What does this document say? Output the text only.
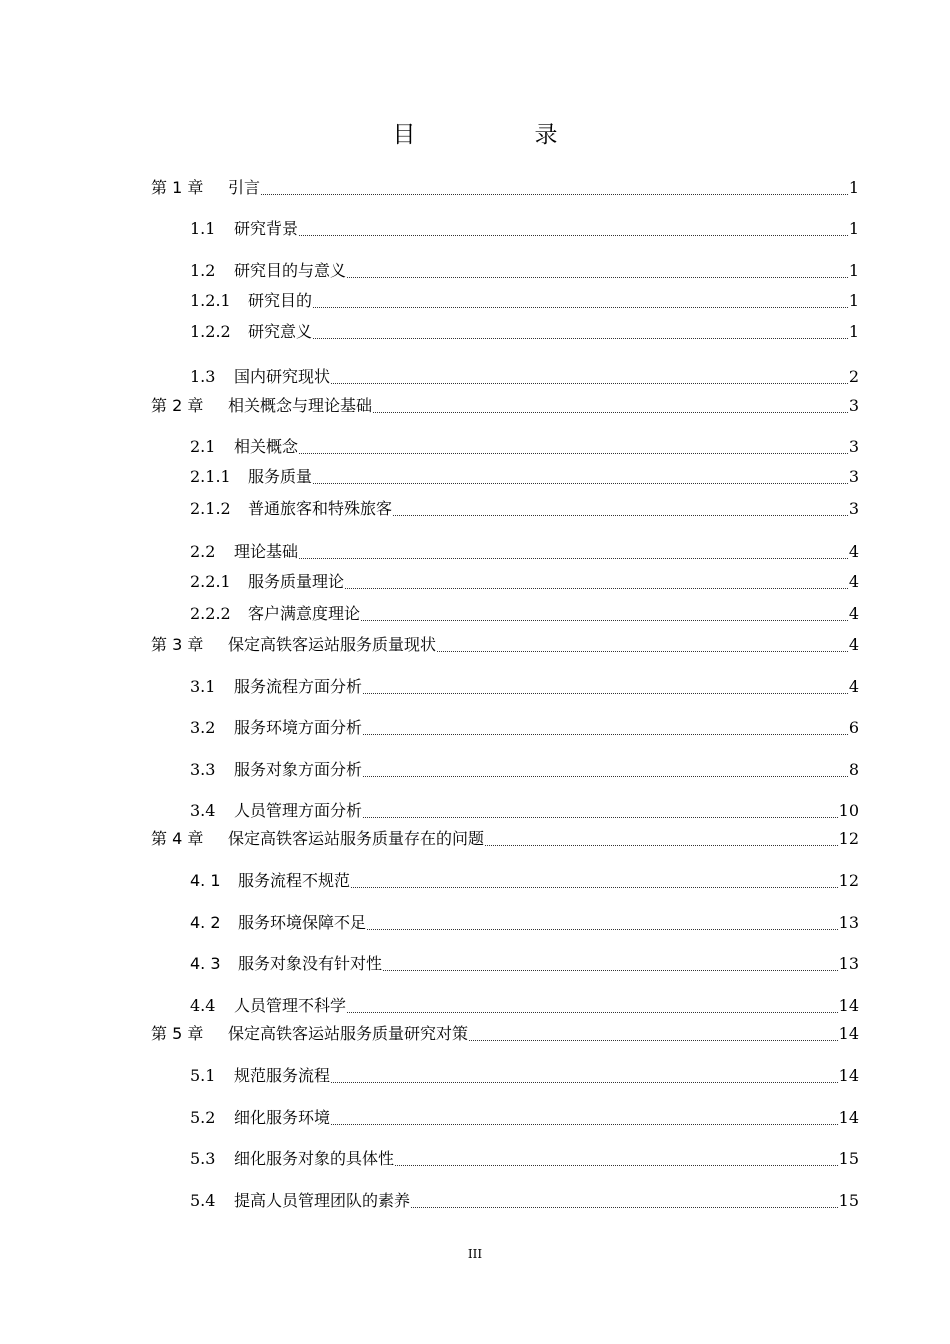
目　录
第 1 章	引言	1
1.1	研究背景	1
1.2	研究目的与意义	1
1.2.1	研究目的	1
1.2.2	研究意义	1
1.3	国内研究现状	2
第 2 章	相关概念与理论基础	3
2.1	相关概念	3
2.1.1	服务质量	3
2.1.2	普通旅客和特殊旅客	3
2.2	理论基础	4
2.2.1	服务质量理论	4
2.2.2	客户满意度理论	4
第 3 章	保定高铁客运站服务质量现状	4
3.1	服务流程方面分析	4
3.2	服务环境方面分析	6
3.3	服务对象方面分析	8
3.4	人员管理方面分析	10
第 4 章	保定高铁客运站服务质量存在的问题	12
4. 1	服务流程不规范	12
4. 2	服务环境保障不足	13
4. 3	服务对象没有针对性	13
4.4	人员管理不科学	14
第 5 章	保定高铁客运站服务质量研究对策	14
5.1	规范服务流程	14
5.2	细化服务环境	14
5.3	细化服务对象的具体性	15
5.4	提高人员管理团队的素养	15
III
